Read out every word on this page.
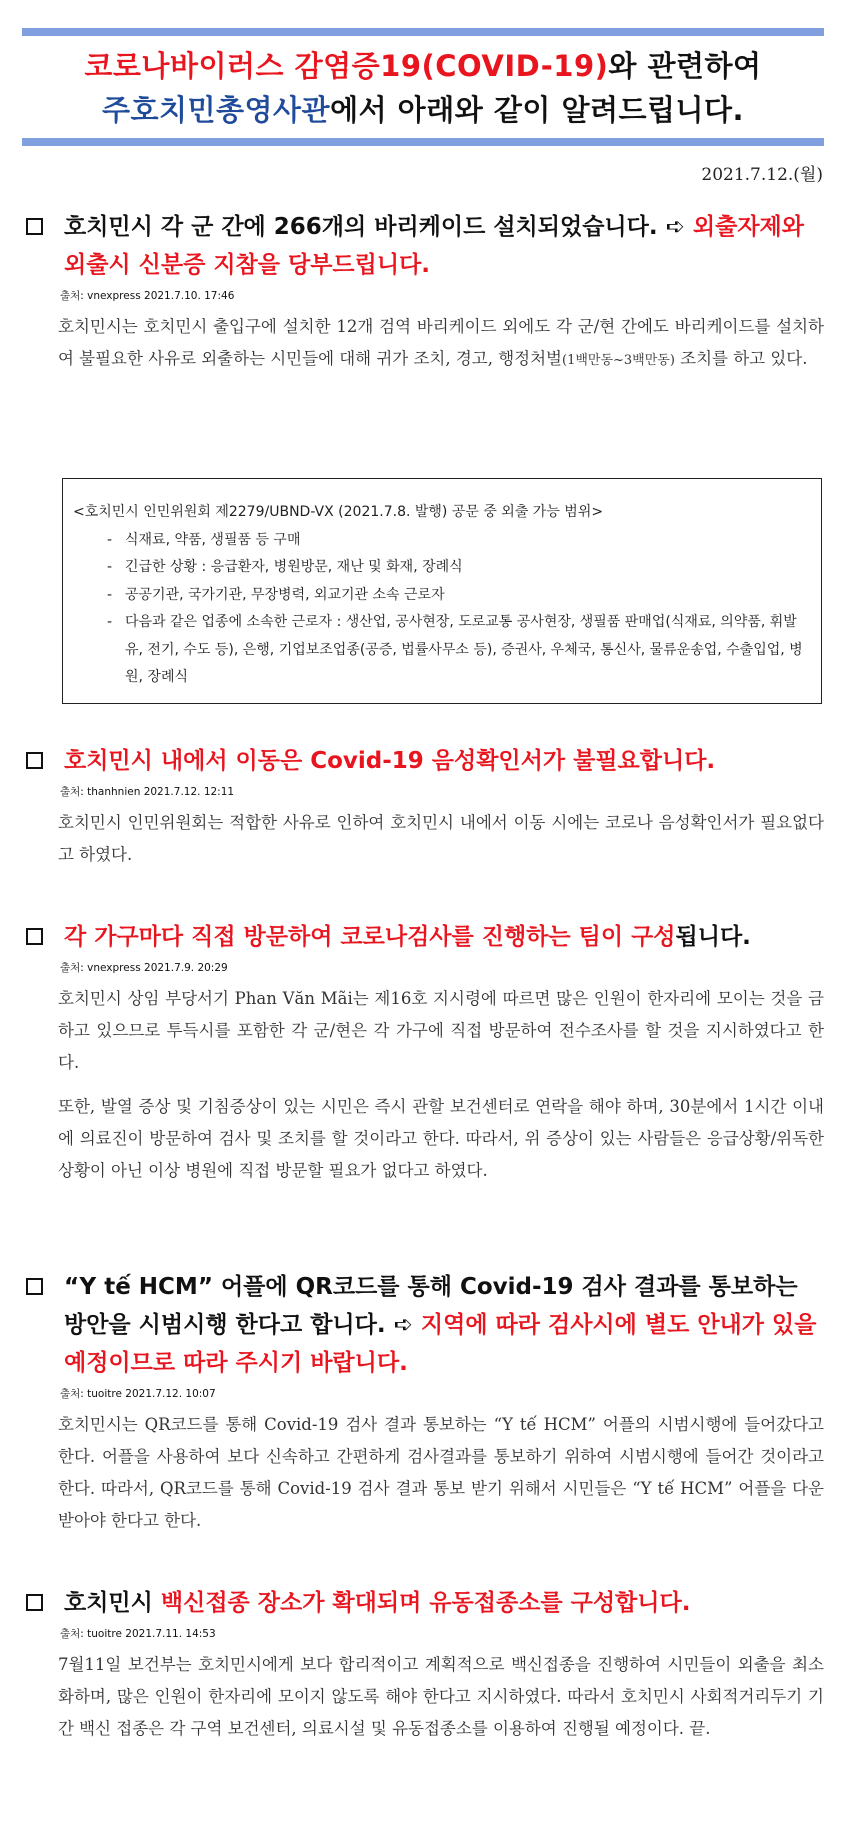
코로나바이러스 감염증19(COVID-19)와 관련하여
주호치민총영사관에서 아래와 같이 알려드립니다.
2021.7.12.(월)
호치민시 각 군 간에 266개의 바리케이드 설치되었습니다. ➪ 외출자제와 외출시 신분증 지참을 당부드립니다.
출처: vnexpress 2021.7.10. 17:46
호치민시는 호치민시 출입구에 설치한 12개 검역 바리케이드 외에도 각 군/현 간에도 바리케이드를 설치하여 불필요한 사유로 외출하는 시민들에 대해 귀가 조치, 경고, 행정처벌(1백만동~3백만동) 조치를 하고 있다.
<호치민시 인민위원회 제2279/UBND-VX (2021.7.8. 발행) 공문 중 외출 가능 범위>
- 식재료, 약품, 생필품 등 구매
- 긴급한 상황 : 응급환자, 병원방문, 재난 및 화재, 장례식
- 공공기관, 국가기관, 무장병력, 외교기관 소속 근로자
- 다음과 같은 업종에 소속한 근로자 : 생산업, 공사현장, 도로교통 공사현장, 생필품 판매업(식재료, 의약품, 휘발유, 전기, 수도 등), 은행, 기업보조업종(공증, 법률사무소 등), 증권사, 우체국, 통신사, 물류운송업, 수출입업, 병원, 장례식
호치민시 내에서 이동은 Covid-19 음성확인서가 불필요합니다.
출처: thanhnien 2021.7.12. 12:11
호치민시 인민위원회는 적합한 사유로 인하여 호치민시 내에서 이동 시에는 코로나 음성확인서가 필요없다고 하였다.
각 가구마다 직접 방문하여 코로나검사를 진행하는 팀이 구성됩니다.
출처: vnexpress 2021.7.9. 20:29
호치민시 상임 부당서기 Phan Văn Mãi는 제16호 지시령에 따르면 많은 인원이 한자리에 모이는 것을 금하고 있으므로 투득시를 포함한 각 군/현은 각 가구에 직접 방문하여 전수조사를 할 것을 지시하였다고 한다.
또한, 발열 증상 및 기침증상이 있는 시민은 즉시 관할 보건센터로 연락을 해야 하며, 30분에서 1시간 이내에 의료진이 방문하여 검사 및 조치를 할 것이라고 한다. 따라서, 위 증상이 있는 사람들은 응급상황/위독한 상황이 아닌 이상 병원에 직접 방문할 필요가 없다고 하였다.
“Y tế HCM” 어플에 QR코드를 통해 Covid-19 검사 결과를 통보하는 방안을 시범시행 한다고 합니다. ➪ 지역에 따라 검사시에 별도 안내가 있을 예정이므로 따라 주시기 바랍니다.
출처: tuoitre 2021.7.12. 10:07
호치민시는 QR코드를 통해 Covid-19 검사 결과 통보하는 “Y tế HCM” 어플의 시범시행에 들어갔다고 한다. 어플을 사용하여 보다 신속하고 간편하게 검사결과를 통보하기 위하여 시범시행에 들어간 것이라고 한다. 따라서, QR코드를 통해 Covid-19 검사 결과 통보 받기 위해서 시민들은 “Y tế HCM” 어플을 다운 받아야 한다고 한다.
호치민시 백신접종 장소가 확대되며 유동접종소를 구성합니다.
출처: tuoitre 2021.7.11. 14:53
7월11일 보건부는 호치민시에게 보다 합리적이고 계획적으로 백신접종을 진행하여 시민들이 외출을 최소화하며, 많은 인원이 한자리에 모이지 않도록 해야 한다고 지시하였다. 따라서 호치민시 사회적거리두기 기간 백신 접종은 각 구역 보건센터, 의료시설 및 유동접종소를 이용하여 진행될 예정이다. 끝.
